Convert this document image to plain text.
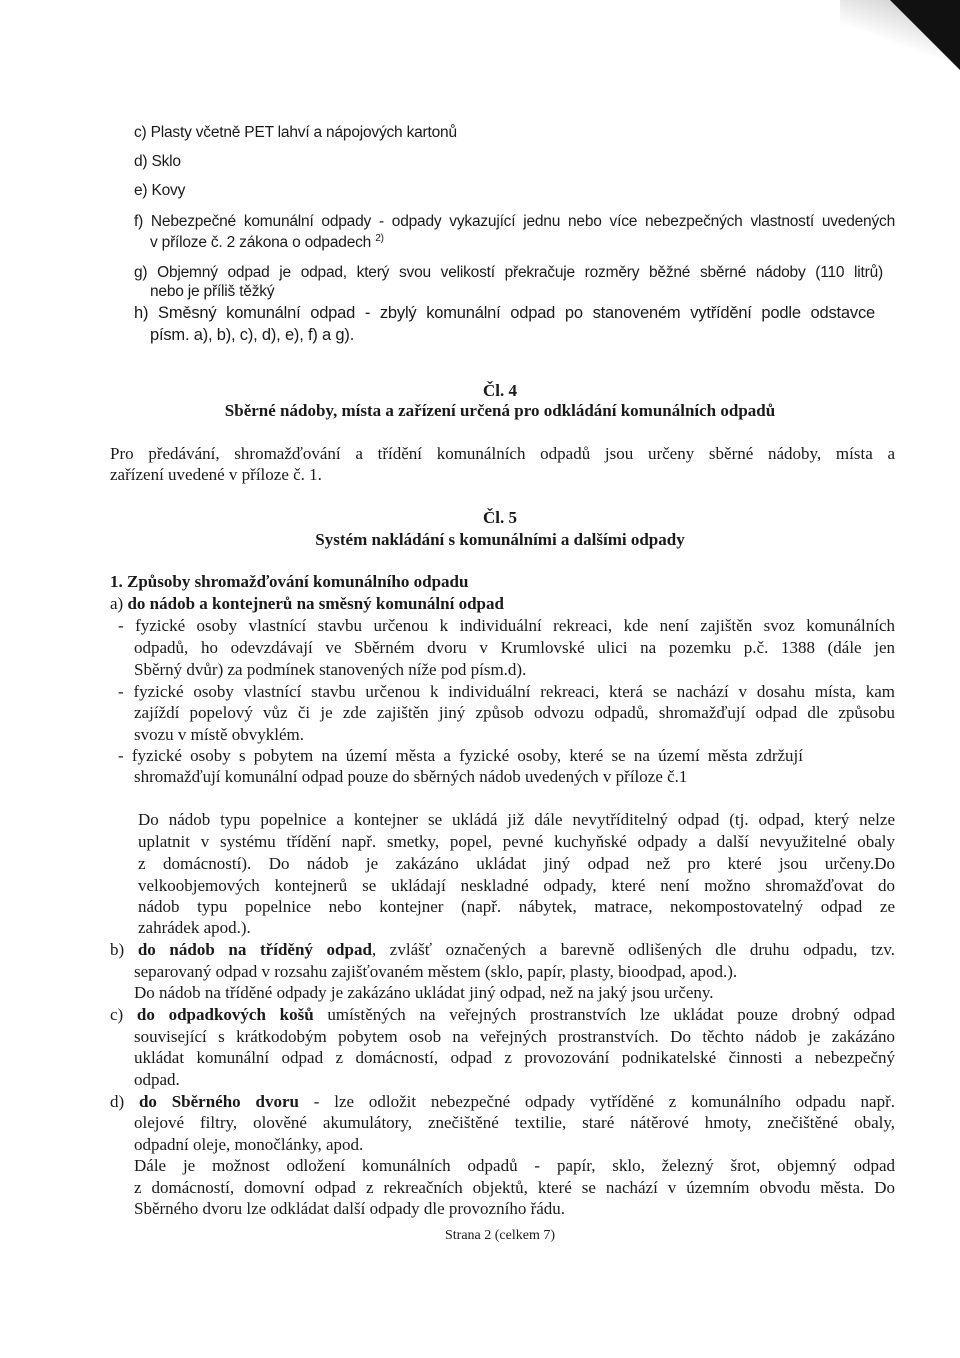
c) Plasty včetně PET lahví a nápojových kartonů
d) Sklo
e) Kovy
f) Nebezpečné komunální odpady - odpady vykazující jednu nebo více nebezpečných vlastností uvedených
v příloze č. 2 zákona o odpadech $^{2)}$
g) Objemný odpad je odpad, který svou velikostí překračuje rozměry běžné sběrné nádoby (110 litrů)
nebo je příliš těžký
h) Směsný komunální odpad - zbylý komunální odpad po stanoveném vytřídění podle odstavce
písm. a), b), c), d), e), f) a g).
Čl. 4
Sběrné nádoby, místa a zařízení určená pro odkládání komunálních odpadů
Pro předávání, shromažďování a třídění komunálních odpadů jsou určeny sběrné nádoby, místa a
zařízení uvedené v příloze č. 1.
Čl. 5
Systém nakládání s komunálními a dalšími odpady
1. Způsoby shromažďování komunálního odpadu
a) do nádob a kontejnerů na směsný komunální odpad
- fyzické osoby vlastnící stavbu určenou k individuální rekreaci, kde není zajištěn svoz komunálních
odpadů, ho odevzdávají ve Sběrném dvoru v Krumlovské ulici na pozemku p.č. 1388 (dále jen
Sběrný dvůr) za podmínek stanovených níže pod písm.d).
- fyzické osoby vlastnící stavbu určenou k individuální rekreaci, která se nachází v dosahu místa, kam
zajíždí popelový vůz či je zde zajištěn jiný způsob odvozu odpadů, shromažďují odpad dle způsobu
svozu v místě obvyklém.
- fyzické osoby s pobytem na území města a fyzické osoby, které se na území města zdržují
shromažďují komunální odpad pouze do sběrných nádob uvedených v příloze č.1
Do nádob typu popelnice a kontejner se ukládá již dále nevytříditelný odpad (tj. odpad, který nelze
uplatnit v systému třídění např. smetky, popel, pevné kuchyňské odpady a další nevyužitelné obaly
z domácností). Do nádob je zakázáno ukládat jiný odpad než pro které jsou určeny.Do
velkoobjemových kontejnerů se ukládají neskladné odpady, které není možno shromažďovat do
nádob typu popelnice nebo kontejner (např. nábytek, matrace, nekompostovatelný odpad ze
zahrádek apod.).
b) do nádob na tříděný odpad, zvlášť označených a barevně odlišených dle druhu odpadu, tzv.
separovaný odpad v rozsahu zajišťovaném městem (sklo, papír, plasty, bioodpad, apod.).
Do nádob na tříděné odpady je zakázáno ukládat jiný odpad, než na jaký jsou určeny.
c) do odpadkových košů umístěných na veřejných prostranstvích lze ukládat pouze drobný odpad
související s krátkodobým pobytem osob na veřejných prostranstvích. Do těchto nádob je zakázáno
ukládat komunální odpad z domácností, odpad z provozování podnikatelské činnosti a nebezpečný
odpad.
d) do Sběrného dvoru - lze odložit nebezpečné odpady vytříděné z komunálního odpadu např.
olejové filtry, olověné akumulátory, znečištěné textilie, staré nátěrové hmoty, znečištěné obaly,
odpadní oleje, monočlánky, apod.
Dále je možnost odložení komunálních odpadů - papír, sklo, železný šrot, objemný odpad
z domácností, domovní odpad z rekreačních objektů, které se nachází v územním obvodu města. Do
Sběrného dvoru lze odkládat další odpady dle provozního řádu.
Strana 2 (celkem 7)
